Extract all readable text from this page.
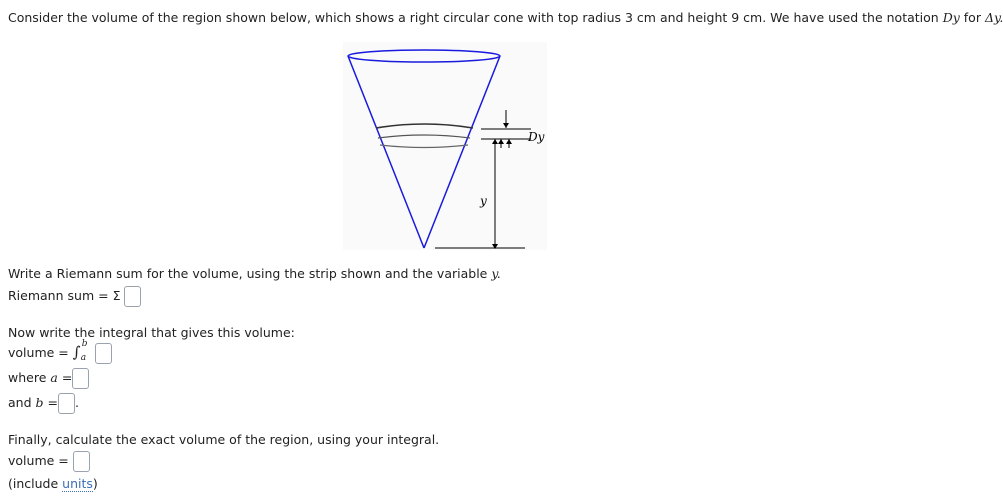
Consider the volume of the region shown below, which shows a right circular cone with top radius 3 cm and height 9 cm. We have used the notation Dy for Δy.
Dy
y
Write a Riemann sum for the volume, using the strip shown and the variable y.
Riemann sum = Σ
Now write the integral that gives this volume:
volume = ∫ b
a

where a =
and b = .
Finally, calculate the exact volume of the region, using your integral.
volume =
(include units)
